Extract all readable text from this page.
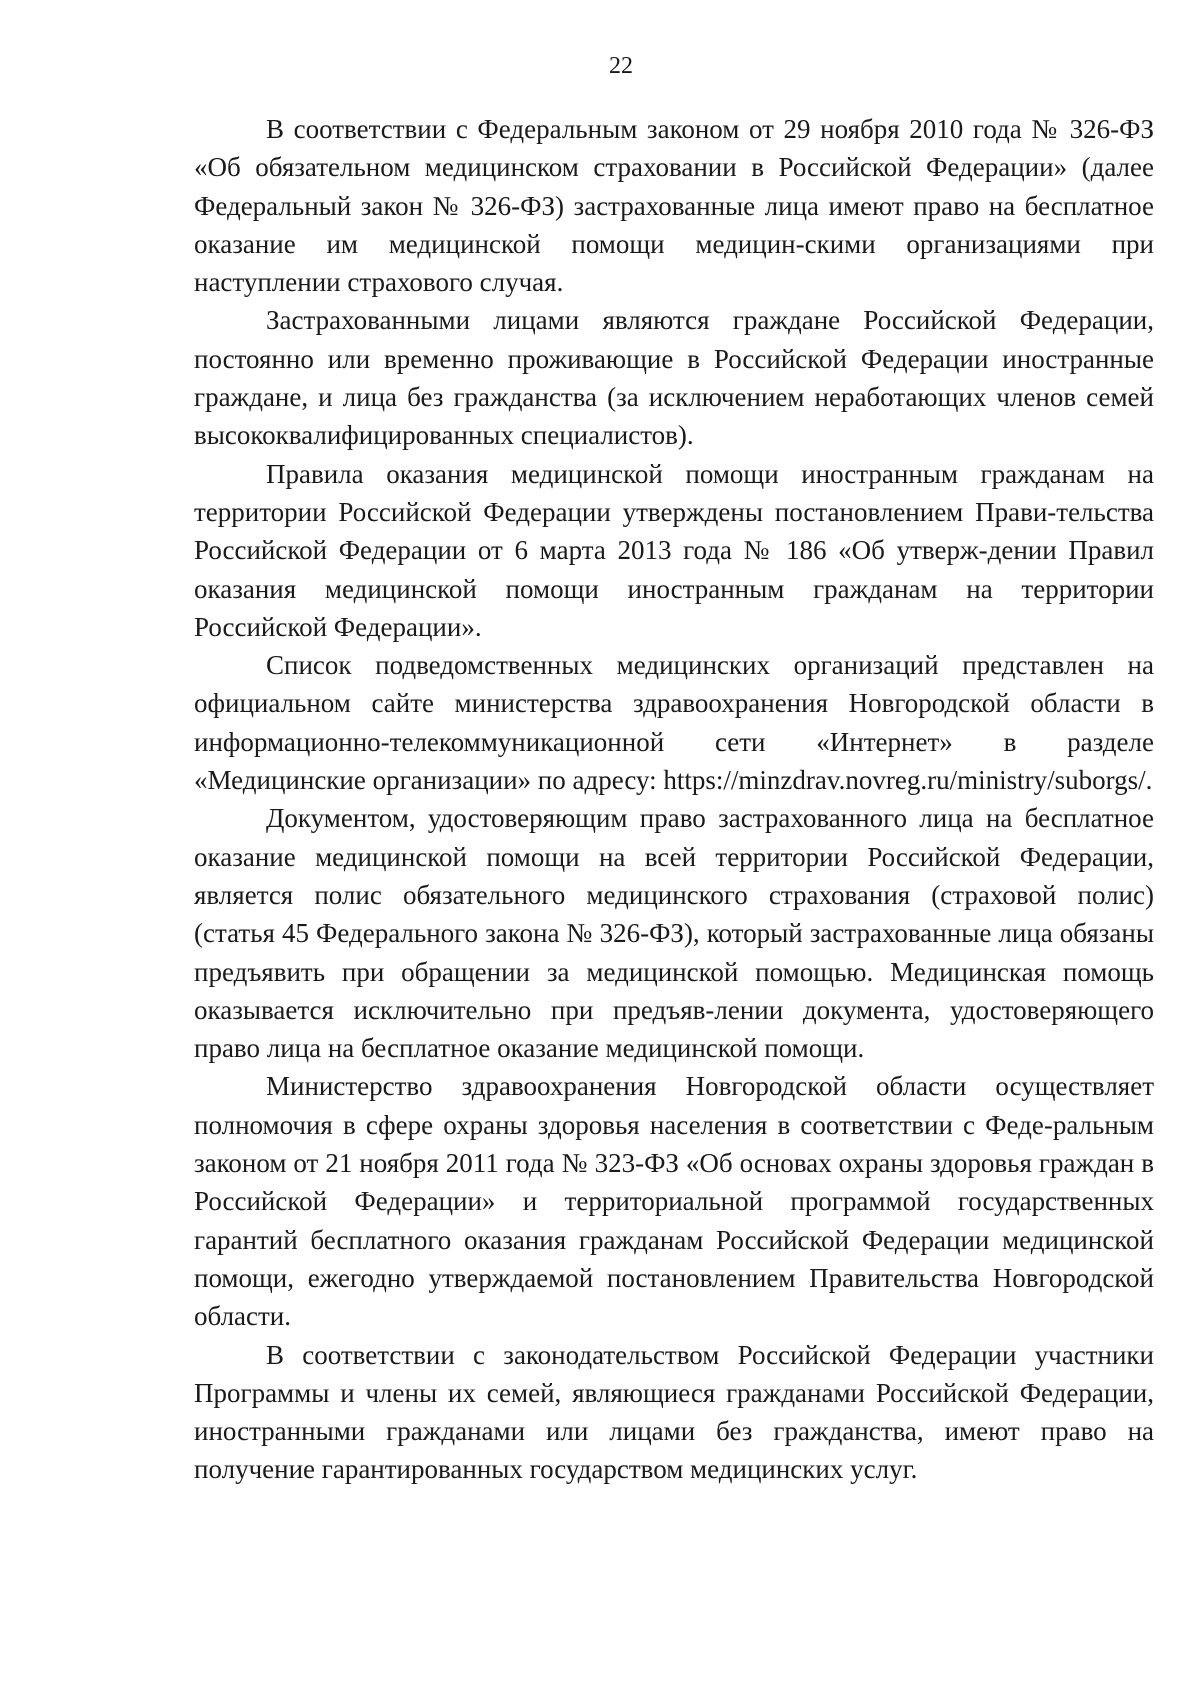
22

В соответствии с Федеральным законом от 29 ноября 2010 года № 326-ФЗ «Об обязательном медицинском страховании в Российской Федерации» (далее Федеральный закон № 326-ФЗ) застрахованные лица имеют право на бесплатное оказание им медицинской помощи медицин-скими организациями при наступлении страхового случая.

Застрахованными лицами являются граждане Российской Федерации, постоянно или временно проживающие в Российской Федерации иностранные граждане, и лица без гражданства (за исключением неработающих членов семей высококвалифицированных специалистов).

Правила оказания медицинской помощи иностранным гражданам на территории Российской Федерации утверждены постановлением Прави-тельства Российской Федерации от 6 марта 2013 года № 186 «Об утверж-дении Правил оказания медицинской помощи иностранным гражданам на территории Российской Федерации».

Список подведомственных медицинских организаций представлен на официальном сайте министерства здравоохранения Новгородской области в информационно-телекоммуникационной сети «Интернет» в разделе «Медицинские организации» по адресу: https://minzdrav.novreg.ru/ministry/suborgs/.

Документом, удостоверяющим право застрахованного лица на бесплатное оказание медицинской помощи на всей территории Российской Федерации, является полис обязательного медицинского страхования (страховой полис) (статья 45 Федерального закона № 326-ФЗ), который застрахованные лица обязаны предъявить при обращении за медицинской помощью. Медицинская помощь оказывается исключительно при предъяв-лении документа, удостоверяющего право лица на бесплатное оказание медицинской помощи.

Министерство здравоохранения Новгородской области осуществляет полномочия в сфере охраны здоровья населения в соответствии с Феде-ральным законом от 21 ноября 2011 года № 323-ФЗ «Об основах охраны здоровья граждан в Российской Федерации» и территориальной программой государственных гарантий бесплатного оказания гражданам Российской Федерации медицинской помощи, ежегодно утверждаемой постановлением Правительства Новгородской области.

В соответствии с законодательством Российской Федерации участники Программы и члены их семей, являющиеся гражданами Российской Федерации, иностранными гражданами или лицами без гражданства, имеют право на получение гарантированных государством медицинских услуг.
